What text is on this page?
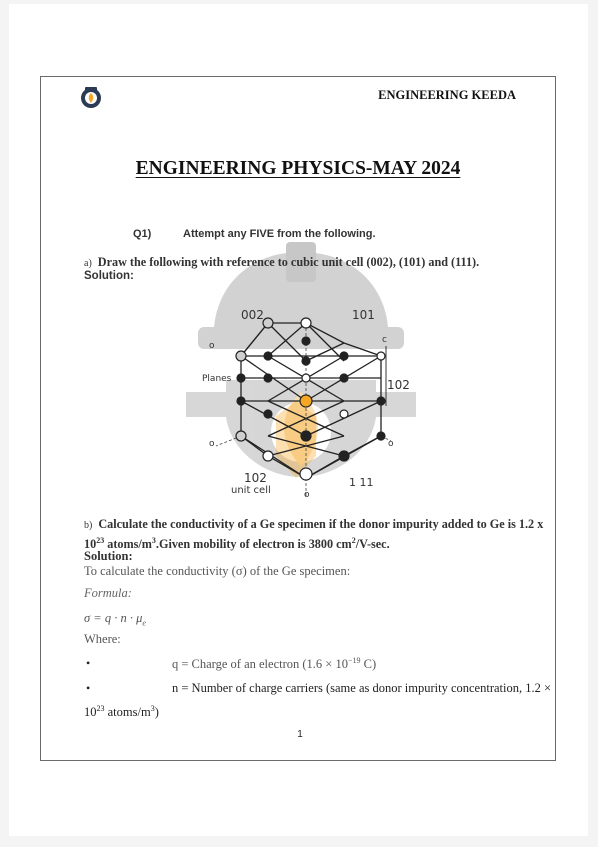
ENGINEERING KEEDA
ENGINEERING PHYSICS-MAY 2024
Q1)	Attempt any FIVE from the following.
a) Draw the following with reference to cubic unit cell (002), (101) and (111).
Solution:
002	101
o
c
Planes	102
o	o
102
unit cell
1 11
o
b) Calculate the conductivity of a Ge specimen if the donor impurity added to Ge is 1.2 x $10^{23}$ atoms/$m^3.Given$ mobility of electron is 3800 $cm^2/V-\sec$.
Solution:
To calculate the conductivity (σ) of the Ge specimen:
Formula:
$\sigma = q \cdot n \cdot \mu_e$
Where:
•	q = Charge of an electron ($1.6 \times 10^{-19}$ C)
•	n = Number of charge carriers (same as donor impurity concentration, 1.2 ×
$10^{23}$ atoms/$m^3$)
1
